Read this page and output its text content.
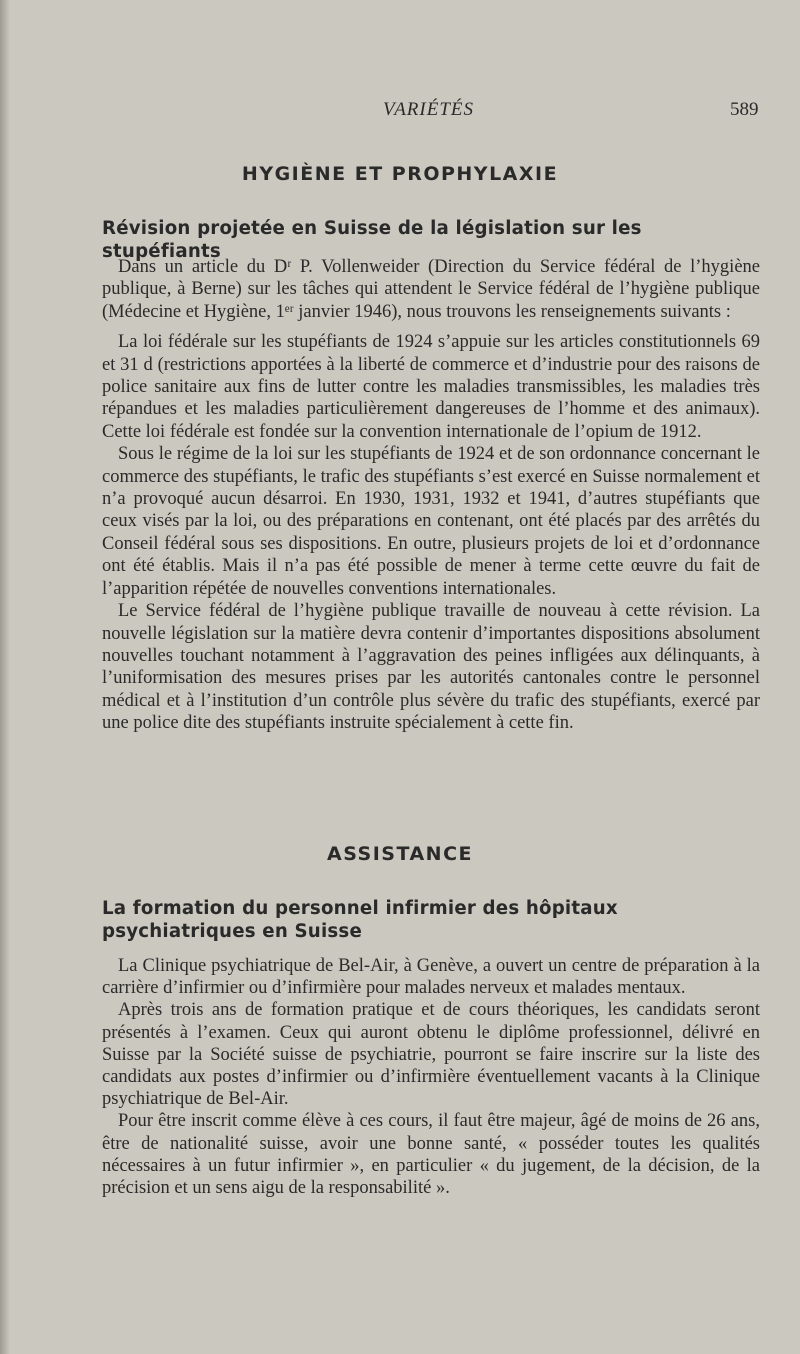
VARIÉTÉS	589
HYGIÈNE ET PROPHYLAXIE
Révision projetée en Suisse de la législation sur les stupéfiants

Dans un article du Dʳ P. Vollenweider (Direction du Service fédéral de l’hygiène publique, à Berne) sur les tâches qui attendent le Service fédéral de l’hygiène publique (Médecine et Hygiène, 1ᵉʳ janvier 1946), nous trouvons les renseignements suivants :

La loi fédérale sur les stupéfiants de 1924 s’appuie sur les articles constitutionnels 69 et 31 d (restrictions apportées à la liberté de commerce et d’industrie pour des raisons de police sanitaire aux fins de lutter contre les maladies transmissibles, les maladies très répandues et les maladies particulièrement dangereuses de l’homme et des animaux). Cette loi fédérale est fondée sur la convention internationale de l’opium de 1912.

Sous le régime de la loi sur les stupéfiants de 1924 et de son ordonnance concernant le commerce des stupéfiants, le trafic des stupéfiants s’est exercé en Suisse normalement et n’a provoqué aucun désarroi. En 1930, 1931, 1932 et 1941, d’autres stupéfiants que ceux visés par la loi, ou des préparations en contenant, ont été placés par des arrêtés du Conseil fédéral sous ses dispositions. En outre, plusieurs projets de loi et d’ordonnance ont été établis. Mais il n’a pas été possible de mener à terme cette œuvre du fait de l’apparition répétée de nouvelles conventions internationales.

Le Service fédéral de l’hygiène publique travaille de nouveau à cette révision. La nouvelle législation sur la matière devra contenir d’importantes dispositions absolument nouvelles touchant notamment à l’aggravation des peines infligées aux délinquants, à l’uniformisation des mesures prises par les autorités cantonales contre le personnel médical et à l’institution d’un contrôle plus sévère du trafic des stupéfiants, exercé par une police dite des stupéfiants instruite spécialement à cette fin.

ASSISTANCE
La formation du personnel infirmier des hôpitaux psychiatriques en Suisse

La Clinique psychiatrique de Bel-Air, à Genève, a ouvert un centre de préparation à la carrière d’infirmier ou d’infirmière pour malades nerveux et malades mentaux.

Après trois ans de formation pratique et de cours théoriques, les candidats seront présentés à l’examen. Ceux qui auront obtenu le diplôme professionnel, délivré en Suisse par la Société suisse de psychiatrie, pourront se faire inscrire sur la liste des candidats aux postes d’infirmier ou d’infirmière éventuellement vacants à la Clinique psychiatrique de Bel-Air.

Pour être inscrit comme élève à ces cours, il faut être majeur, âgé de moins de 26 ans, être de nationalité suisse, avoir une bonne santé, « posséder toutes les qualités nécessaires à un futur infirmier », en particulier « du jugement, de la décision, de la précision et un sens aigu de la responsabilité ».
